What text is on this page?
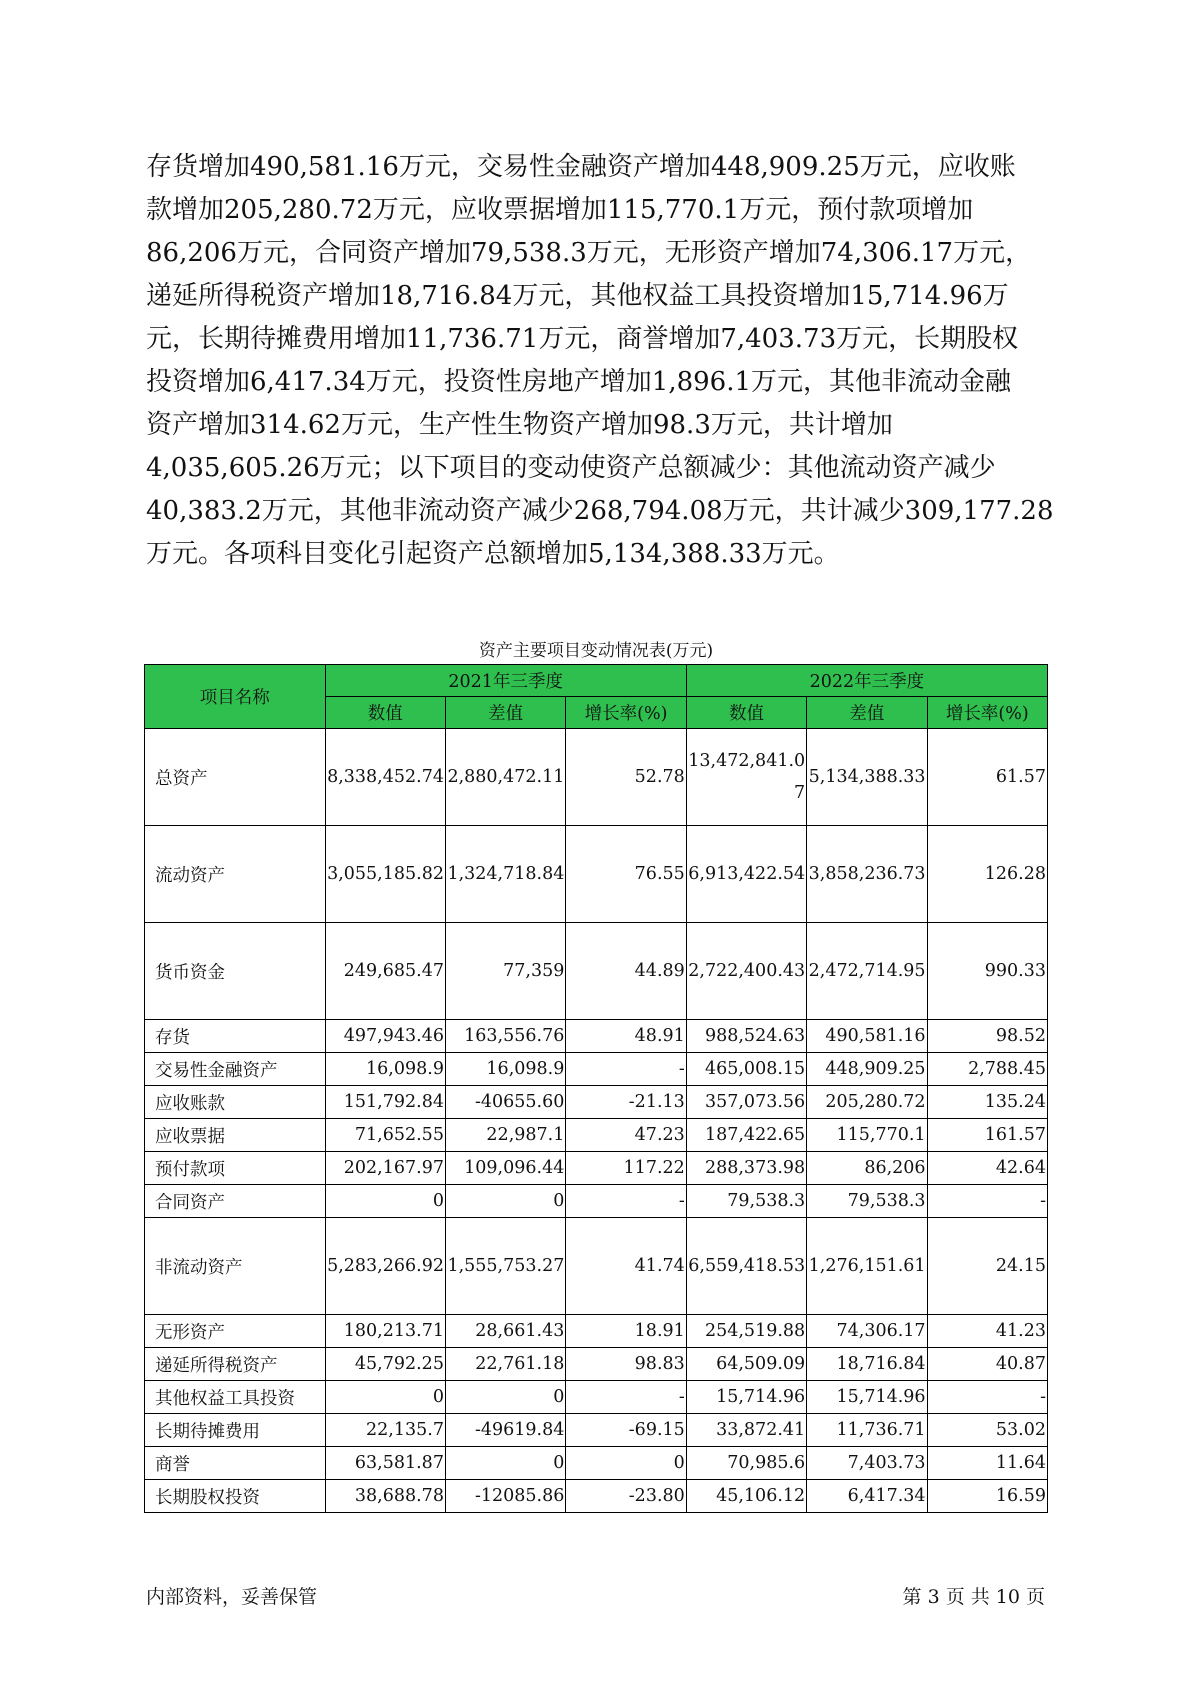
存货增加490,581.16万元，交易性金融资产增加448,909.25万元，应收账
款增加205,280.72万元，应收票据增加115,770.1万元，预付款项增加
86,206万元，合同资产增加79,538.3万元，无形资产增加74,306.17万元，
递延所得税资产增加18,716.84万元，其他权益工具投资增加15,714.96万
元，长期待摊费用增加11,736.71万元，商誉增加7,403.73万元，长期股权
投资增加6,417.34万元，投资性房地产增加1,896.1万元，其他非流动金融
资产增加314.62万元，生产性生物资产增加98.3万元，共计增加
4,035,605.26万元；以下项目的变动使资产总额减少：其他流动资产减少
40,383.2万元，其他非流动资产减少268,794.08万元，共计减少309,177.28
万元。各项科目变化引起资产总额增加5,134,388.33万元。
资产主要项目变动情况表(万元)
项目名称	2021年三季度			2022年三季度		
	数值	差值	增长率(%)	数值	差值	增长率(%)
总资产	8,338,452.74	2,880,472.11	52.78	13,472,841.07	5,134,388.33	61.57
流动资产	3,055,185.82	1,324,718.84	76.55	6,913,422.54	3,858,236.73	126.28
货币资金	249,685.47	77,359	44.89	2,722,400.43	2,472,714.95	990.33
存货	497,943.46	163,556.76	48.91	988,524.63	490,581.16	98.52
交易性金融资产	16,098.9	16,098.9	-	465,008.15	448,909.25	2,788.45
应收账款	151,792.84	-40655.60	-21.13	357,073.56	205,280.72	135.24
应收票据	71,652.55	22,987.1	47.23	187,422.65	115,770.1	161.57
预付款项	202,167.97	109,096.44	117.22	288,373.98	86,206	42.64
合同资产	0	0	-	79,538.3	79,538.3	-
非流动资产	5,283,266.92	1,555,753.27	41.74	6,559,418.53	1,276,151.61	24.15
无形资产	180,213.71	28,661.43	18.91	254,519.88	74,306.17	41.23
递延所得税资产	45,792.25	22,761.18	98.83	64,509.09	18,716.84	40.87
其他权益工具投资	0	0	-	15,714.96	15,714.96	-
长期待摊费用	22,135.7	-49619.84	-69.15	33,872.41	11,736.71	53.02
商誉	63,581.87	0	0	70,985.6	7,403.73	11.64
长期股权投资	38,688.78	-12085.86	-23.80	45,106.12	6,417.34	16.59
内部资料，妥善保管	第 3 页 共 10 页
